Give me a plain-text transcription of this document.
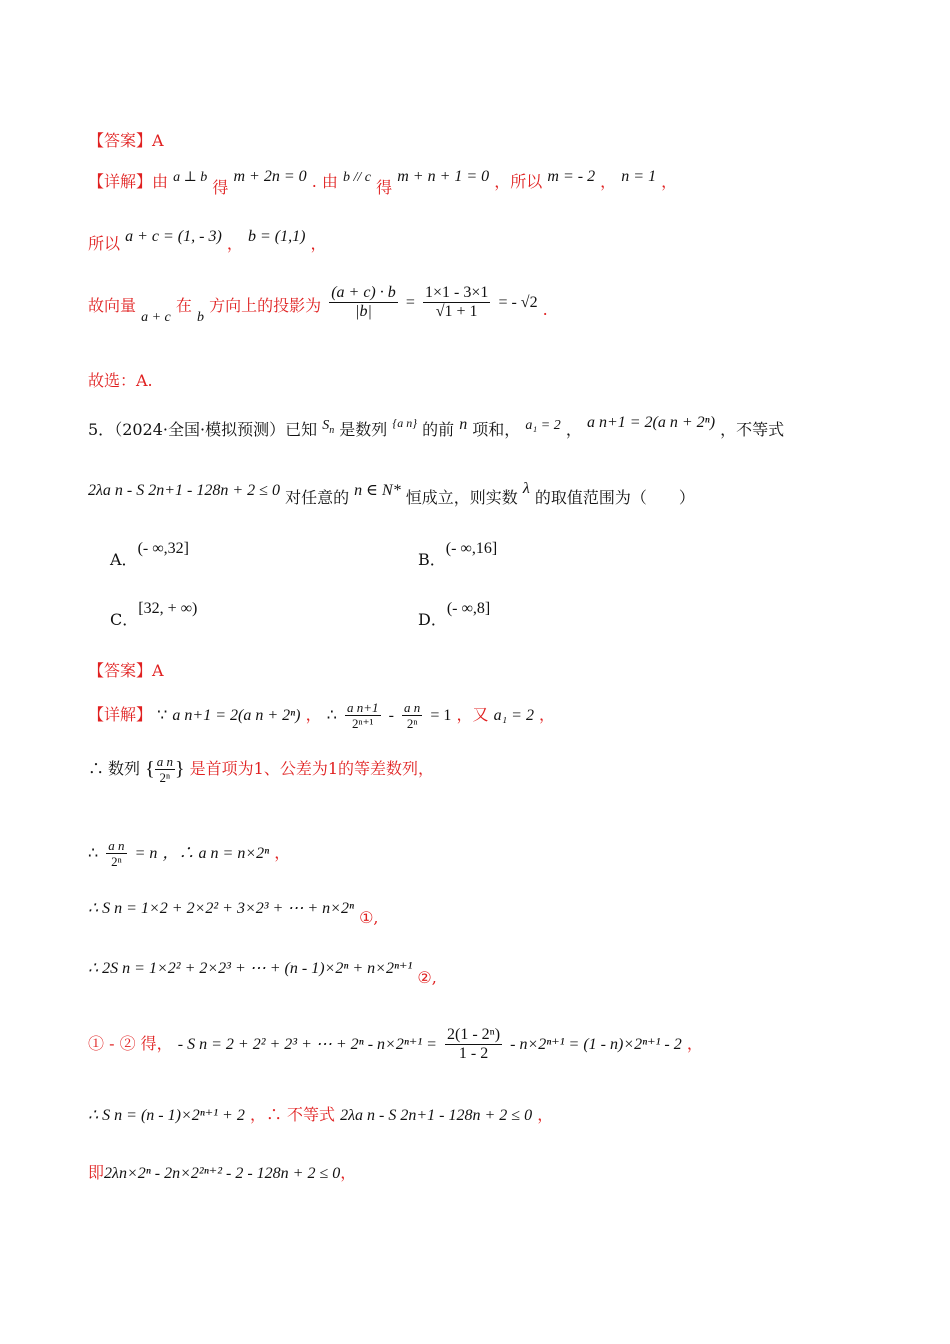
【答案】A
【详解】由 a ⊥ b 得 m + 2n = 0 . 由 b // c 得 m + n + 1 = 0 ，所以 m = - 2 ， n = 1 ，
所以 a + c = (1, - 3) ， b = (1,1) ，
故向量 a + c 在 b 方向上的投影为 $\frac{(a + c) \cdot b}{|b|} = \frac{1\times 1 - 3\times 1}{√1 + 1}$ = - √2 .
故选：A.
5．（2024·全国·模拟预测）已知 $S_n$ 是数列 $^{\{a n\}}$ 的前 n 项和， a₁ = 2 ， a n+1 = 2(a n + 2ⁿ) ，不等式
2λa n - S 2n+1 - 128n + 2 ≤ 0 对任意的 n ∈ N* 恒成立，则实数 λ 的取值范围为（　　）
A．(- ∞,32]
B．(- ∞,16]
C．[32, + ∞)
D．(- ∞,8]
【答案】A
【详解】 ∵ a n+1 = 2(a n + 2ⁿ) ， ∴ $\frac{\text{a n+1}}{\text{2ⁿ⁺¹}} - \frac{\text{a n}}{\text{2ⁿ}} = 1$ ，又 a₁ = 2 ，
∴ 数列 { $\frac{\text{a n}}{\text{2ⁿ}}$ } 是首项为1、公差为1的等差数列，
∴ $\frac{\text{a n}}{\text{2ⁿ}} = n$ ，∴ a n = n×2ⁿ ，
∴ S n = 1×2 + 2×2² + 3×2³ + ⋯ + n×2ⁿ ①,
∴ 2S n = 1×2² + 2×2³ + ⋯ + (n - 1)×2ⁿ + n×2ⁿ⁺¹ ②,
① - ② 得， - S n = 2 + 2² + 2³ + ⋯ + $2^n - n\times 2^{n+1} = \frac{\text{2(1 - 2ⁿ)}}{1 - 2} - n\times 2^{n+1} = (1 - n)\times 2^{n+1} - 2$ ，
∴ S n = (n - 1)×2ⁿ⁺¹ + 2 ，∴ 不等式 2λa n - S 2n+1 - 128n + 2 ≤ 0 ，
即2λn×2ⁿ - 2n×2²ⁿ⁺² - 2 - 128n + 2 ≤ 0，
